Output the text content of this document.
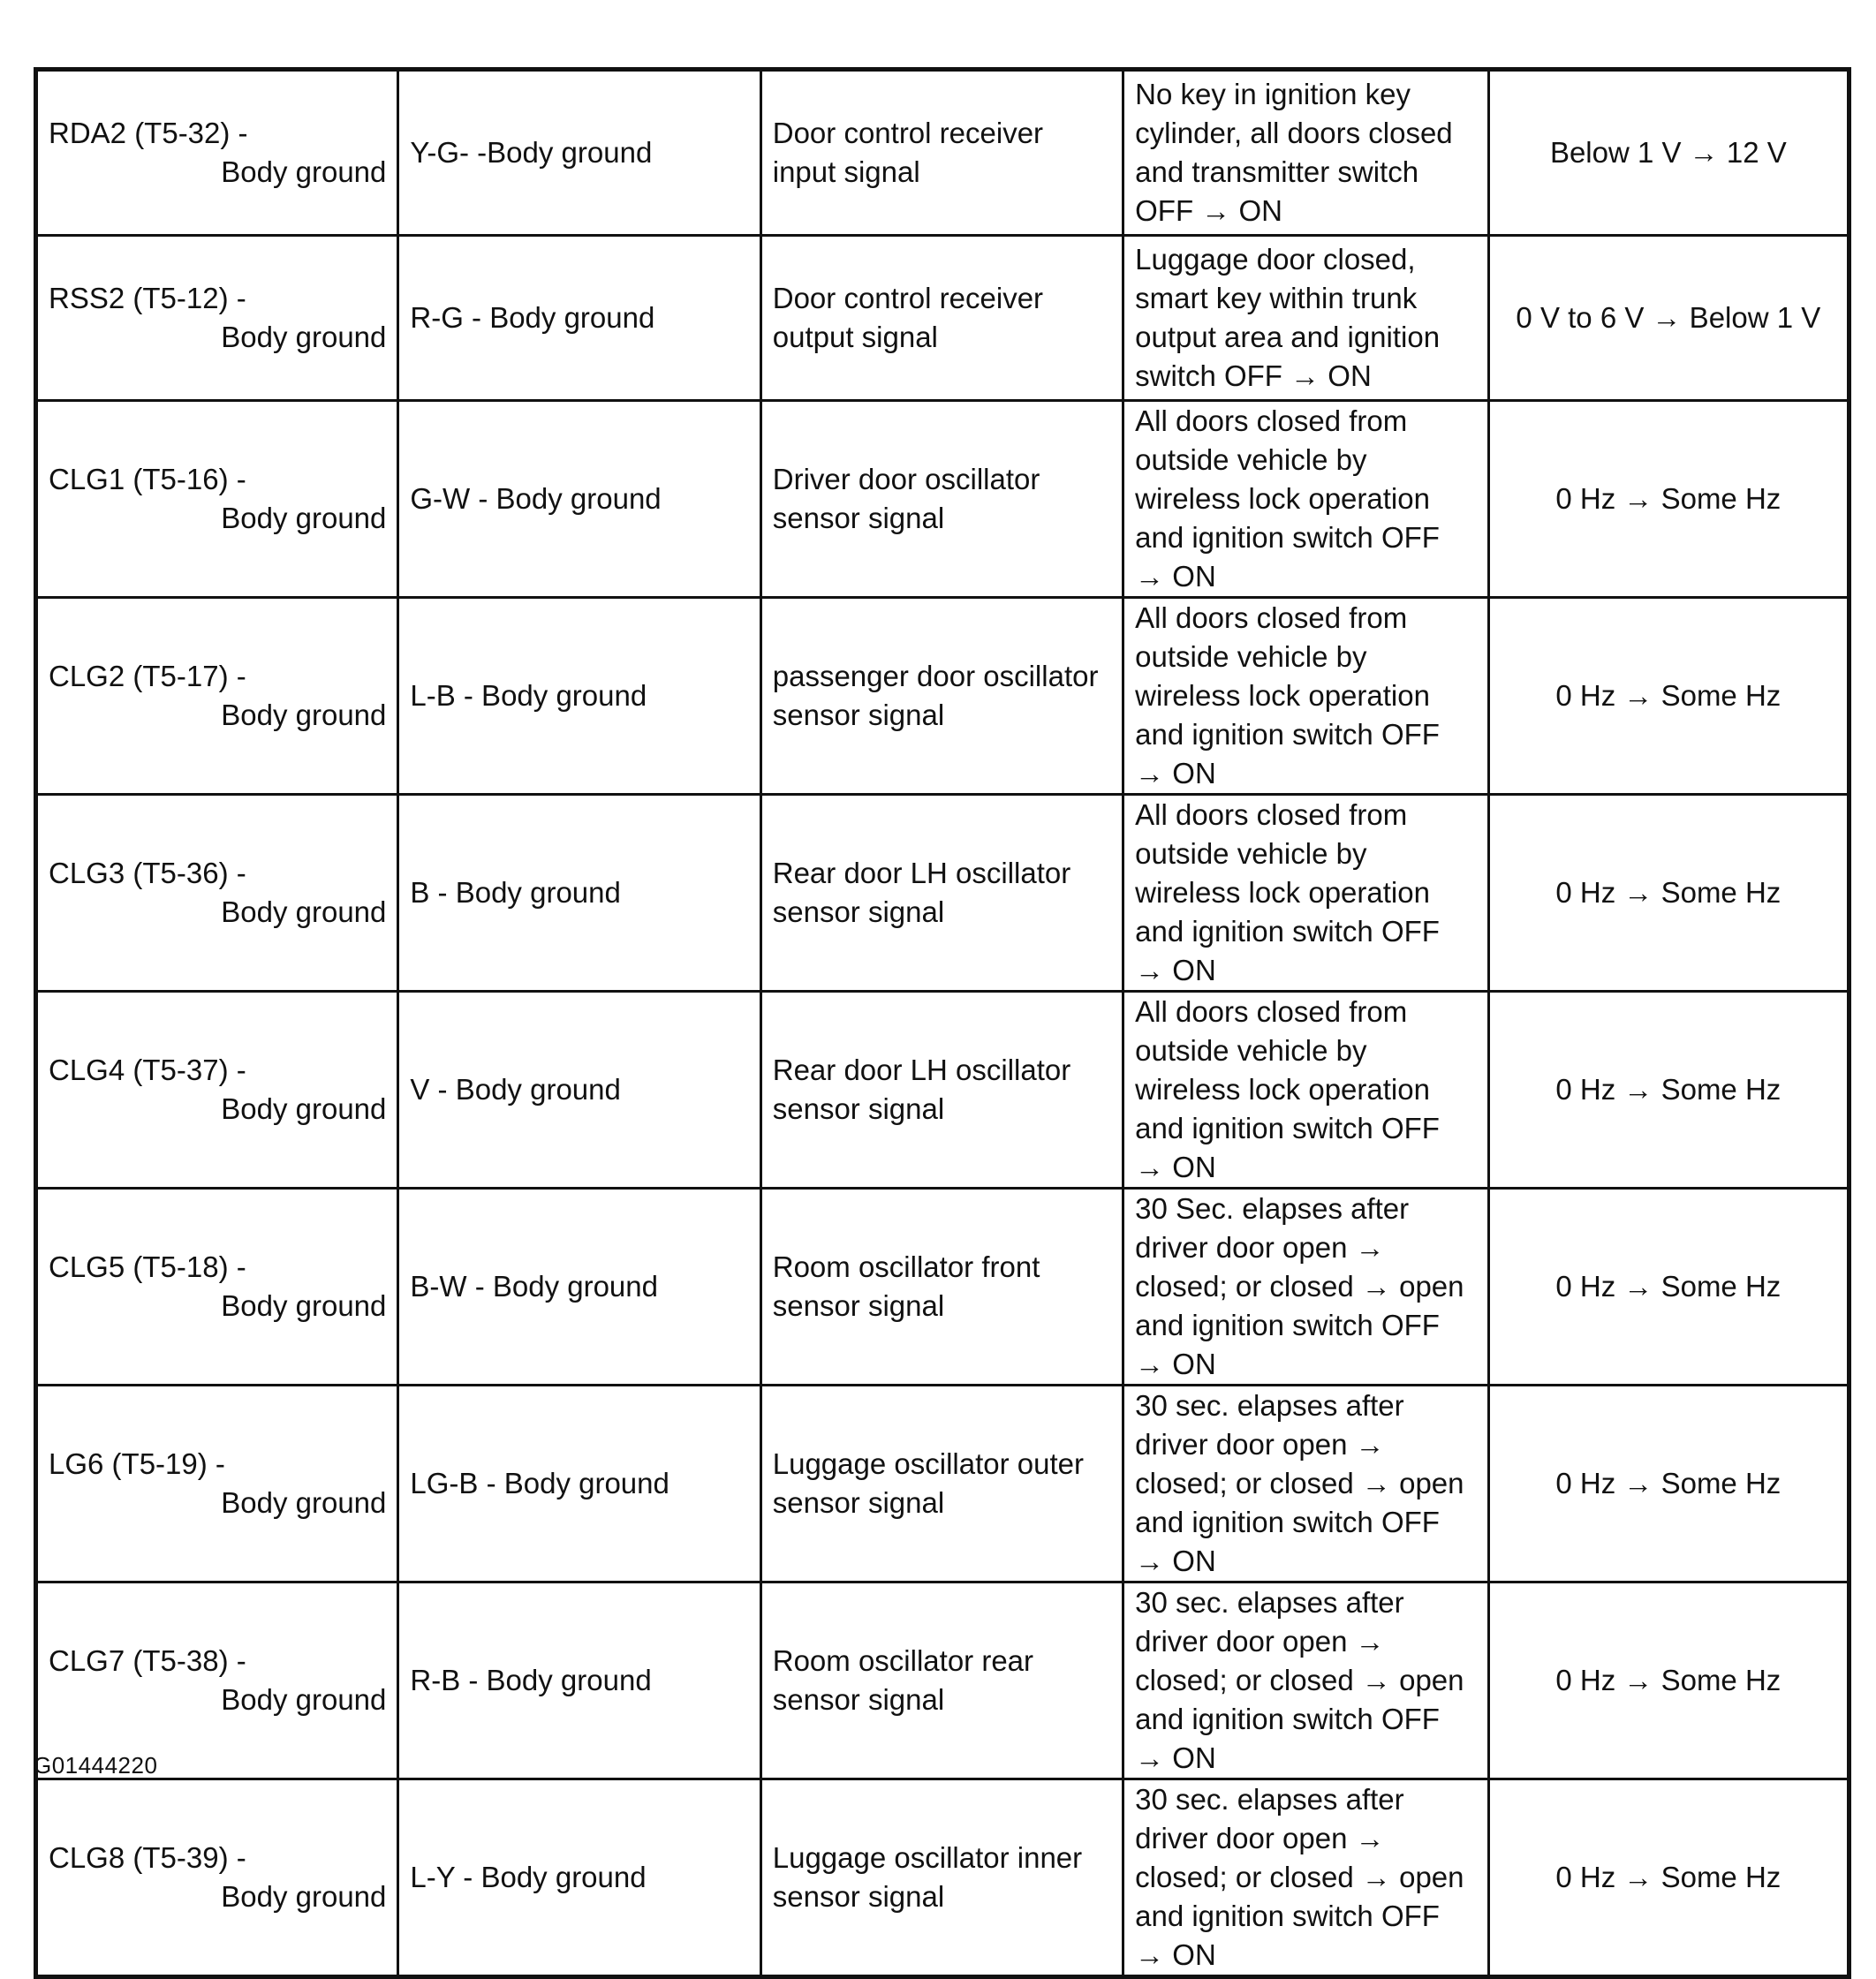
RDA2 (T5-32) -
Body ground	Y-G- -Body ground	Door control receiver input signal	No key in ignition key cylinder, all doors closed and transmitter switch OFF → ON	Below 1 V → 12 V

RSS2 (T5-12) -
Body ground	R-G - Body ground	Door control receiver output signal	Luggage door closed, smart key within trunk output area and ignition switch OFF → ON	0 V to 6 V → Below 1 V

CLG1 (T5-16) -
Body ground	G-W - Body ground	Driver door oscillator sensor signal	All doors closed from outside vehicle by wireless lock operation and ignition switch OFF → ON	0 Hz → Some Hz

CLG2 (T5-17) -
Body ground	L-B - Body ground	passenger door oscillator sensor signal	All doors closed from outside vehicle by wireless lock operation and ignition switch OFF → ON	0 Hz → Some Hz

CLG3 (T5-36) -
Body ground	B - Body ground	Rear door LH oscillator sensor signal	All doors closed from outside vehicle by wireless lock operation and ignition switch OFF → ON	0 Hz → Some Hz

CLG4 (T5-37) -
Body ground	V - Body ground	Rear door LH oscillator sensor signal	All doors closed from outside vehicle by wireless lock operation and ignition switch OFF → ON	0 Hz → Some Hz

CLG5 (T5-18) -
Body ground	B-W - Body ground	Room oscillator front sensor signal	30 Sec. elapses after driver door open → closed; or closed → open and ignition switch OFF → ON	0 Hz → Some Hz

LG6 (T5-19) -
Body ground	LG-B - Body ground	Luggage oscillator outer sensor signal	30 sec. elapses after driver door open → closed; or closed → open and ignition switch OFF → ON	0 Hz → Some Hz

CLG7 (T5-38) -
Body ground	R-B - Body ground	Room oscillator rear sensor signal	30 sec. elapses after driver door open → closed; or closed → open and ignition switch OFF → ON	0 Hz → Some Hz

CLG8 (T5-39) -
Body ground	L-Y - Body ground	Luggage oscillator inner sensor signal	30 sec. elapses after driver door open → closed; or closed → open and ignition switch OFF → ON	0 Hz → Some Hz
G01444220
